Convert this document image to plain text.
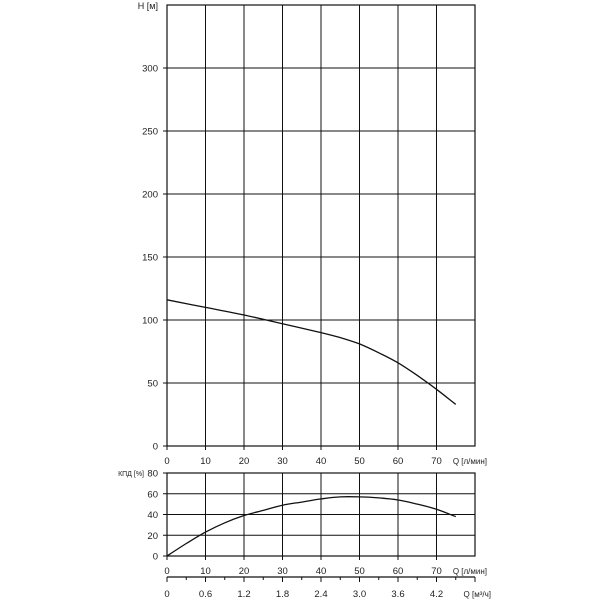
0
50
100
150
200
250
300
0	10	20	30	40	50	60	70 Q [л/мин]
H [м]
0
20
40
60
0	10	20	30	40	50	60	70 Q [л/мин]
КПД [%] 80
0	0.6	1.2	1.8	2.4	3.0	3.6	4.2	Q [м³/ч]
